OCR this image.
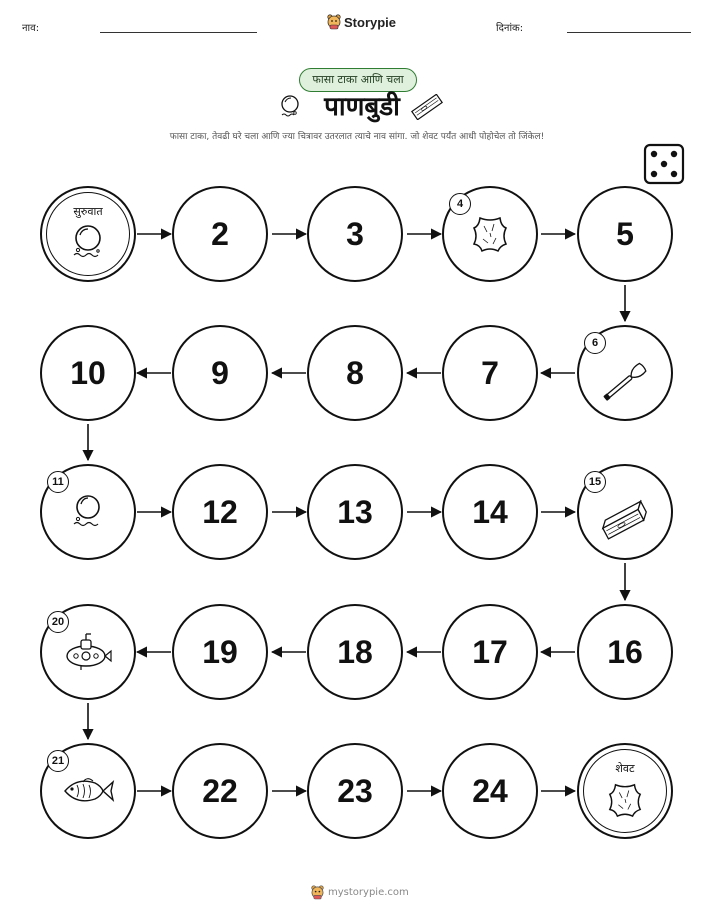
नाव:	Storypie	दिनांक:
फासा टाका आणि चला
पाणबुडी
फासा टाका, तेवढी घरे चला आणि ज्या चित्रावर उतरलात त्याचे नाव सांगा. जो शेवट पर्यंत आधी पोहोचेल तो जिंकेल!
सुरुवात
2	3
4
5
10	9	8	7
6
11
12	13	14
15
20
19	18	17	16
21
22	23	24
शेवट
mystorypie.com
